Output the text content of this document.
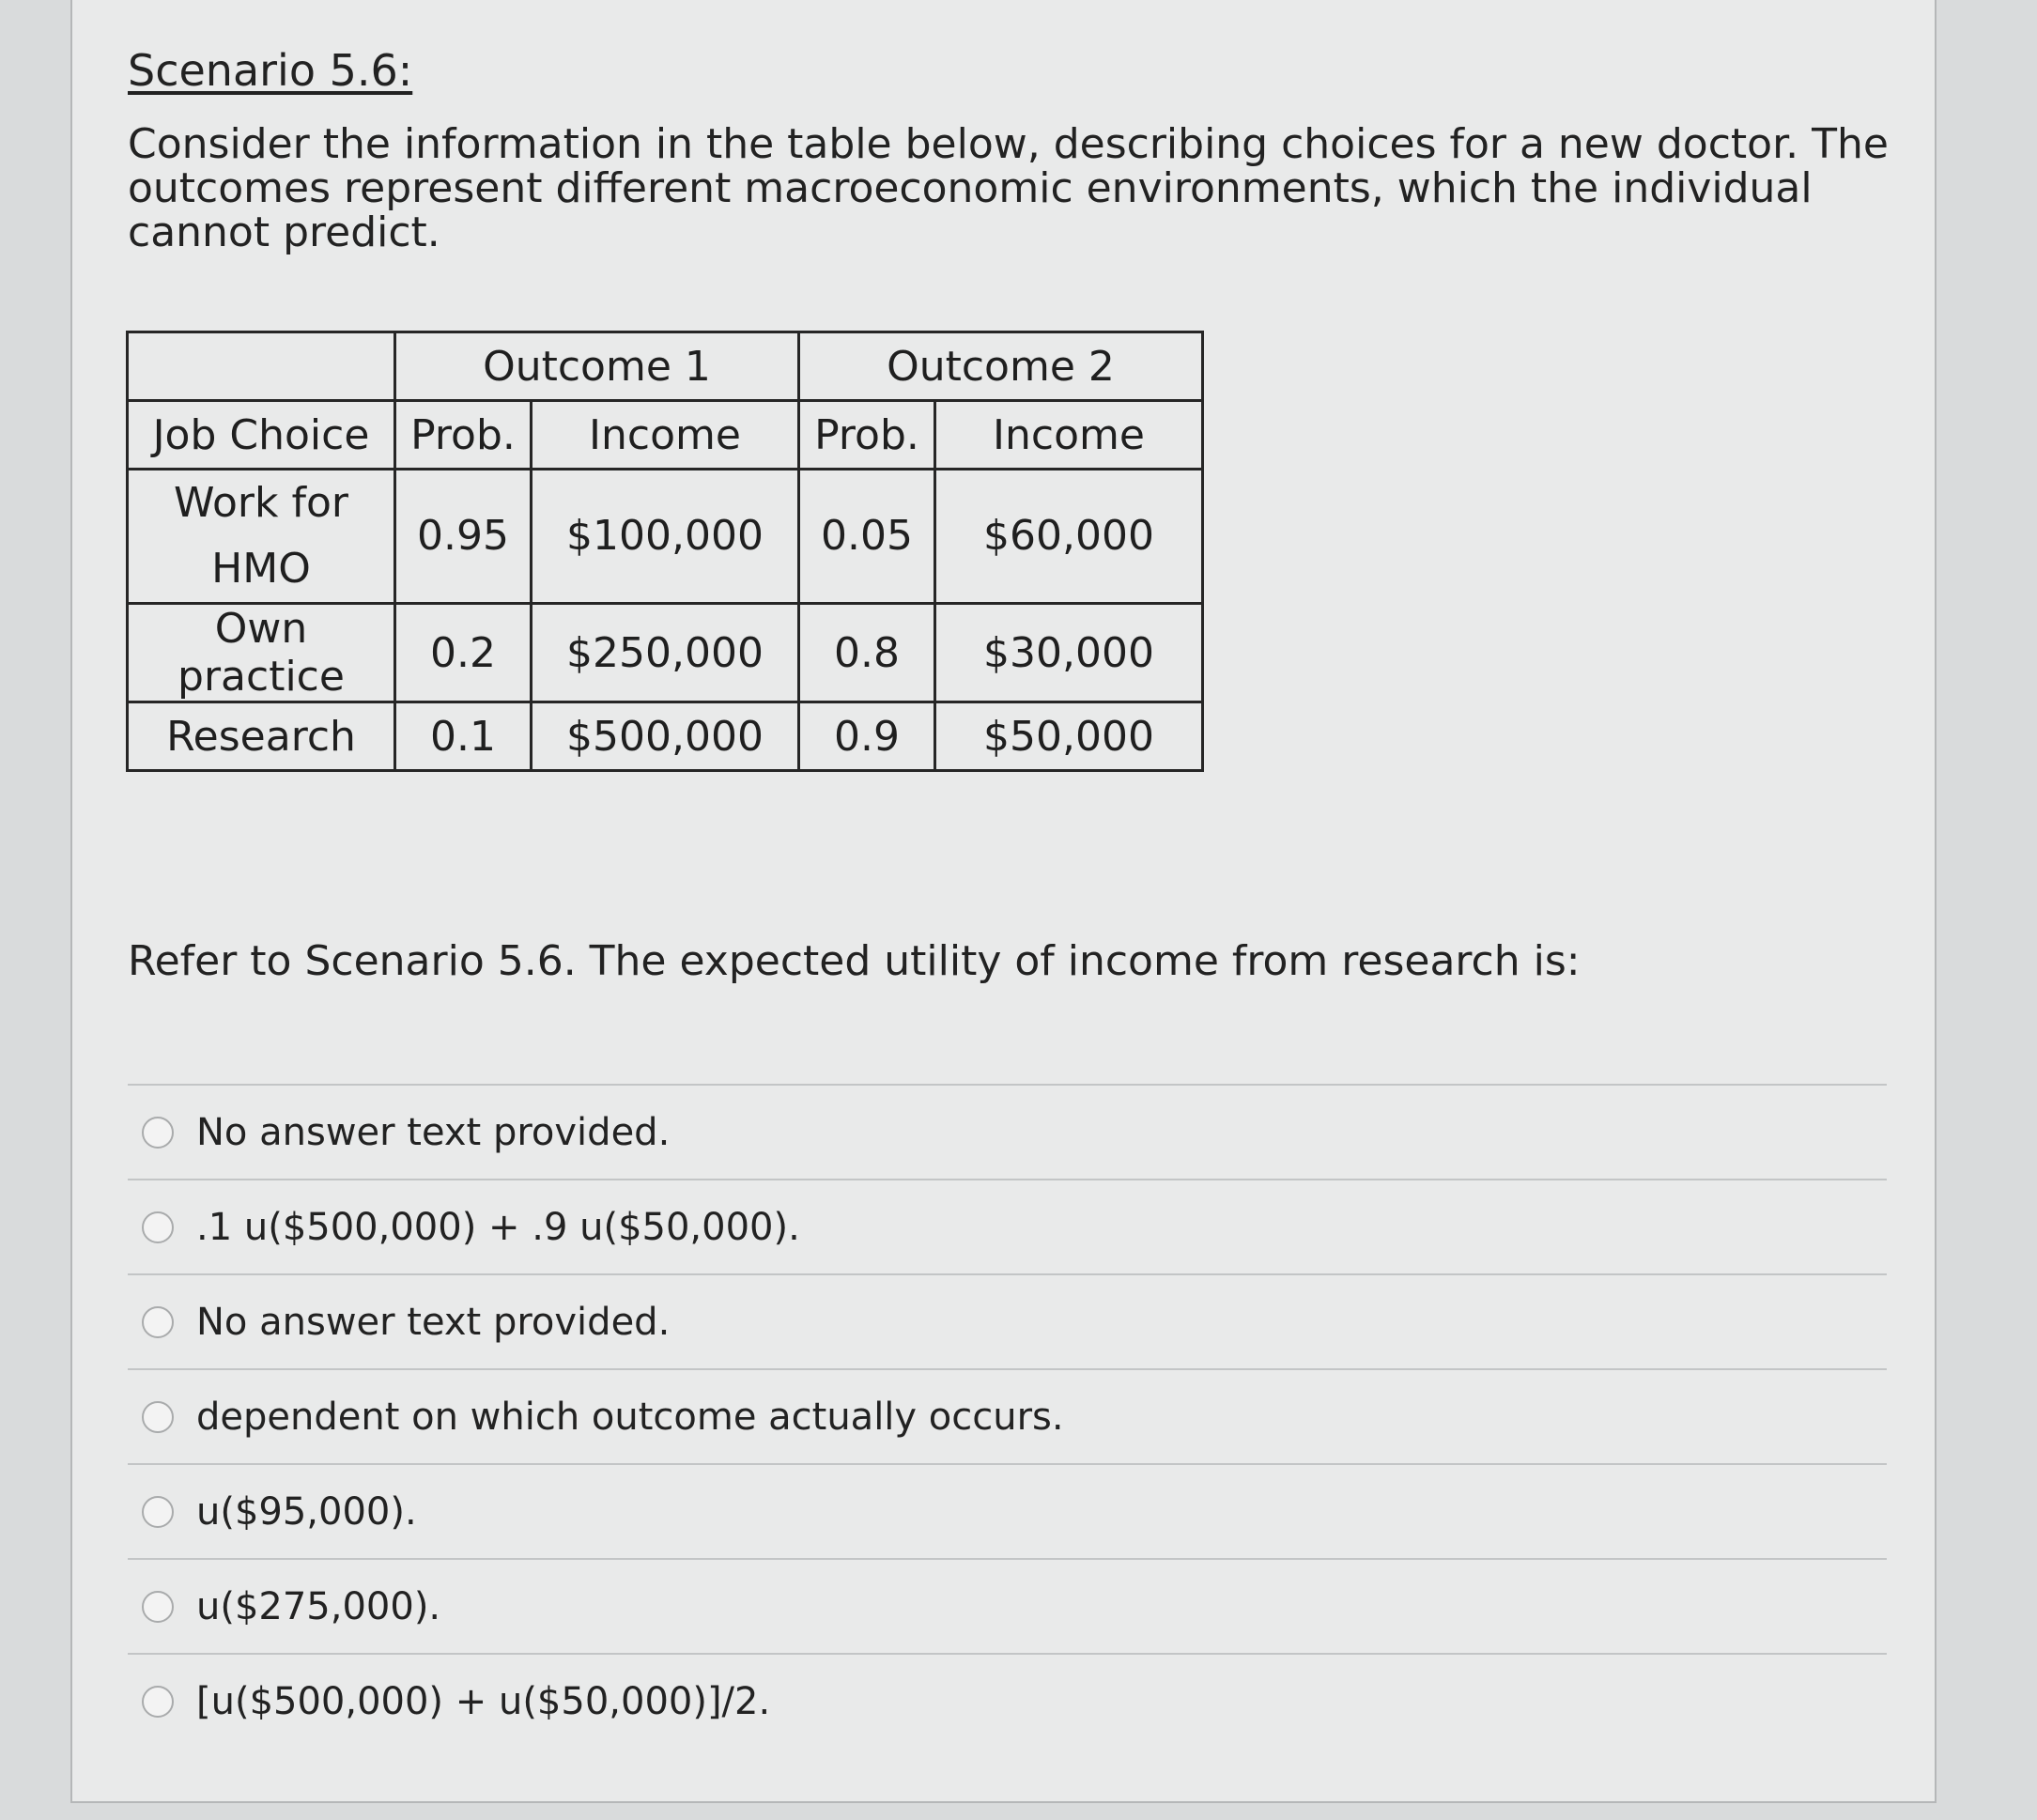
Scenario 5.6:
Consider the information in the table below, describing choices for a new doctor. The outcomes represent different macroeconomic environments, which the individual cannot predict.
	Outcome 1		Outcome 2	
Job Choice	Prob.	Income	Prob.	Income
Work for HMO	0.95	$100,000	0.05	$60,000
Own practice	0.2	$250,000	0.8	$30,000
Research	0.1	$500,000	0.9	$50,000
Refer to Scenario 5.6. The expected utility of income from research is:
No answer text provided.
.1 u($500,000) + .9 u($50,000).
No answer text provided.
dependent on which outcome actually occurs.
u($95,000).
u($275,000).
[u($500,000) + u($50,000)]/2.
